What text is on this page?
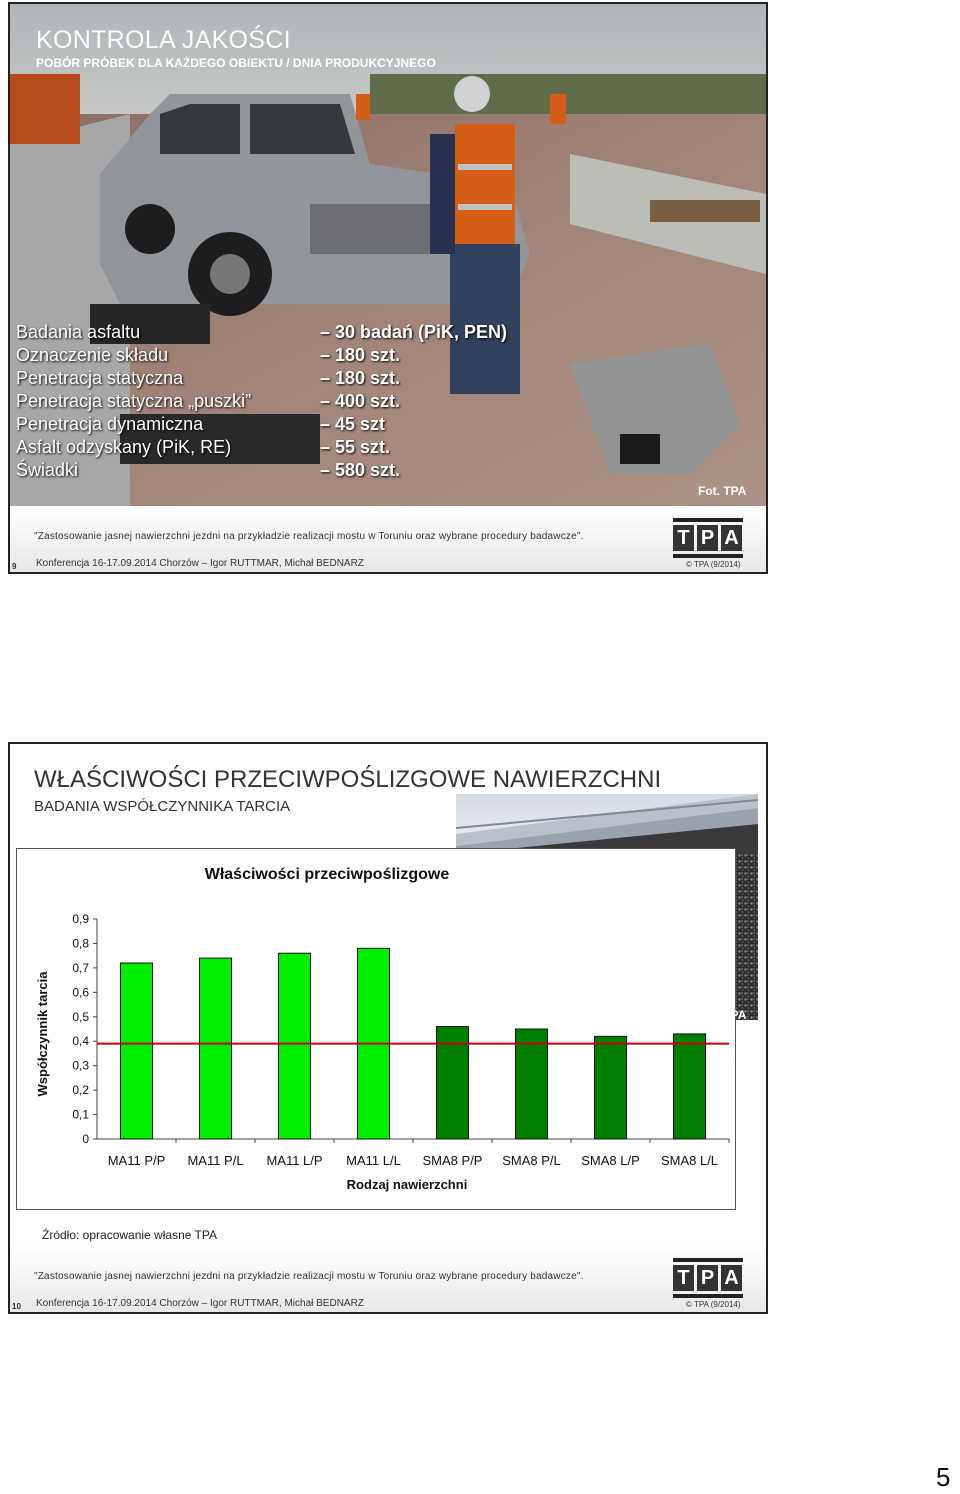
KONTROLA JAKOŚCI
POBÓR PRÓBEK DLA KAŻDEGO OBIEKTU / DNIA PRODUKCYJNEGO
Badania asfaltu	– 30 badań (PiK, PEN)
Oznaczenie składu	– 180 szt.
Penetracja statyczna	– 180 szt.
Penetracja statyczna „puszki”	– 400 szt.
Penetracja dynamiczna	– 45 szt
Asfalt odzyskany (PiK, RE)	– 55 szt.
Świadki	– 580 szt.
Fot. TPA
"Zastosowanie jasnej nawierzchni jezdni na przykładzie realizacji mostu w Toruniu oraz wybrane procedury badawcze".
Konferencja 16-17.09.2014 Chorzów – Igor RUTTMAR, Michał BEDNARZ
9	© TPA (9/2014)
T P A
WŁAŚCIWOŚCI PRZECIWPOŚLIZGOWE NAWIERZCHNI
BADANIA WSPÓŁCZYNNIKA TARCIA
Właściwości przeciwpoślizgowe
Rodzaj nawierzchni
Współczynnik tarcia
0
0,1
0,2
0,3
0,4
0,5
0,6
0,7
0,8
0,9
MA11 P/P MA11 P/L MA11 L/P MA11 L/L SMA8 P/P SMA8 P/L SMA8 L/P SMA8 L/L
Fot. TPA
Źródło: opracowanie własne TPA
"Zastosowanie jasnej nawierzchni jezdni na przykładzie realizacji mostu w Toruniu oraz wybrane procedury badawcze".
Konferencja 16-17.09.2014 Chorzów – Igor RUTTMAR, Michał BEDNARZ
10	© TPA (9/2014)
T P A
5
